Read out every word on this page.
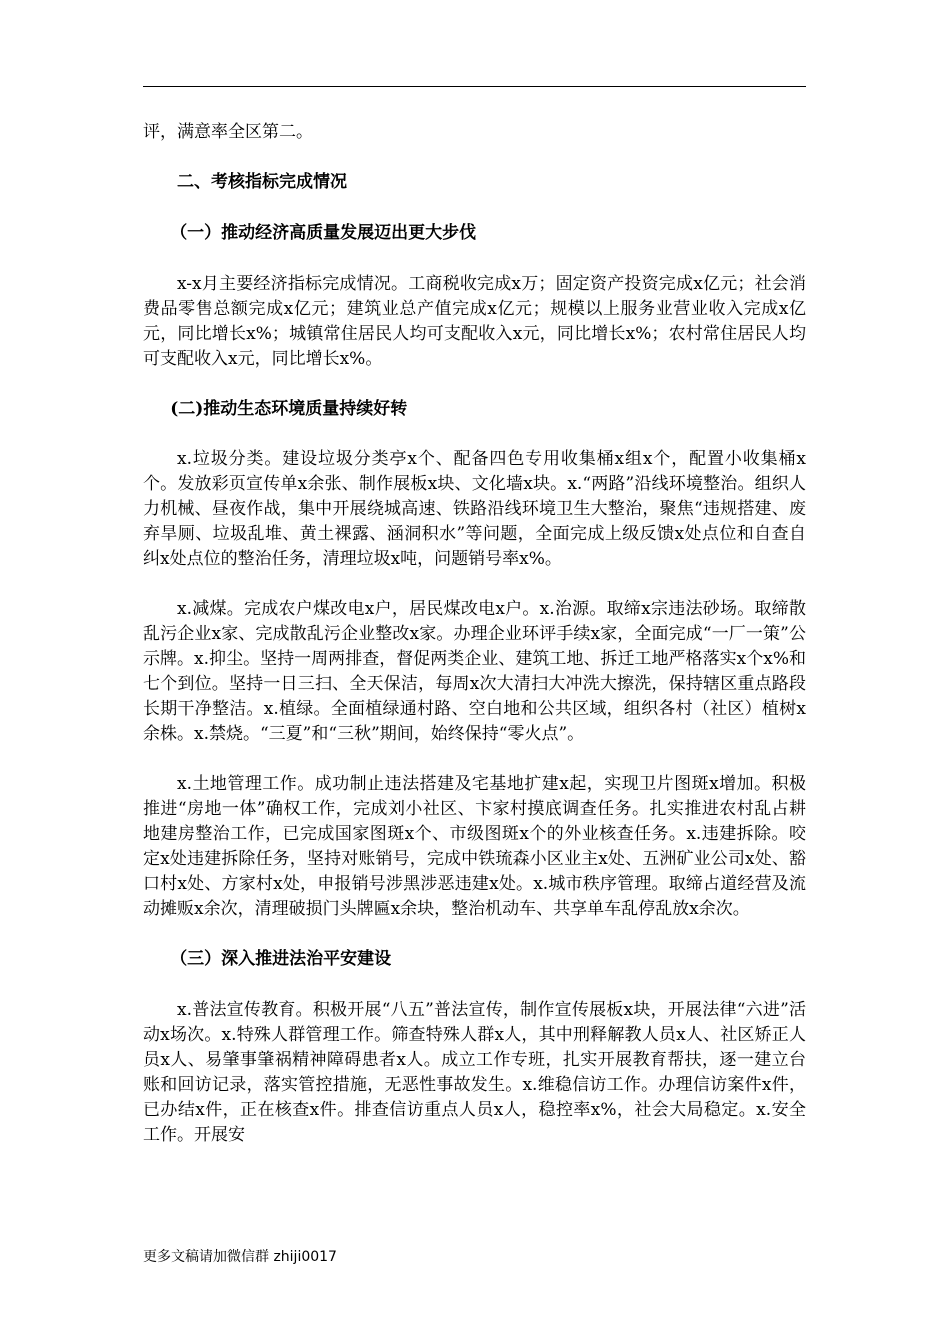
评，满意率全区第二。

二、考核指标完成情况

（一）推动经济高质量发展迈出更大步伐

x-x月主要经济指标完成情况。工商税收完成x万；固定资产投资完成x亿元；社会消费品零售总额完成x亿元；建筑业总产值完成x亿元；规模以上服务业营业收入完成x亿元，同比增长x%；城镇常住居民人均可支配收入x元，同比增长x%；农村常住居民人均可支配收入x元，同比增长x%。

(二)推动生态环境质量持续好转

x.垃圾分类。建设垃圾分类亭x个、配备四色专用收集桶x组x个，配置小收集桶x个。发放彩页宣传单x余张、制作展板x块、文化墙x块。x.“两路”沿线环境整治。组织人力机械、昼夜作战，集中开展绕城高速、铁路沿线环境卫生大整治，聚焦“违规搭建、废弃旱厕、垃圾乱堆、黄土裸露、涵洞积水”等问题，全面完成上级反馈x处点位和自查自纠x处点位的整治任务，清理垃圾x吨，问题销号率x%。

x.减煤。完成农户煤改电x户，居民煤改电x户。x.治源。取缔x宗违法砂场。取缔散乱污企业x家、完成散乱污企业整改x家。办理企业环评手续x家，全面完成“一厂一策”公示牌。x.抑尘。坚持一周两排查，督促两类企业、建筑工地、拆迁工地严格落实x个x%和七个到位。坚持一日三扫、全天保洁，每周x次大清扫大冲洗大擦洗，保持辖区重点路段长期干净整洁。x.植绿。全面植绿通村路、空白地和公共区域，组织各村（社区）植树x余株。x.禁烧。“三夏”和“三秋”期间，始终保持“零火点”。

x.土地管理工作。成功制止违法搭建及宅基地扩建x起，实现卫片图斑x增加。积极推进“房地一体”确权工作，完成刘小社区、卞家村摸底调查任务。扎实推进农村乱占耕地建房整治工作，已完成国家图斑x个、市级图斑x个的外业核查任务。x.违建拆除。咬定x处违建拆除任务，坚持对账销号，完成中铁琉森小区业主x处、五洲矿业公司x处、豁口村x处、方家村x处，申报销号涉黑涉恶违建x处。x.城市秩序管理。取缔占道经营及流动摊贩x余次，清理破损门头牌匾x余块，整治机动车、共享单车乱停乱放x余次。

（三）深入推进法治平安建设

x.普法宣传教育。积极开展“八五”普法宣传，制作宣传展板x块，开展法律“六进”活动x场次。x.特殊人群管理工作。筛查特殊人群x人，其中刑释解教人员x人、社区矫正人员x人、易肇事肇祸精神障碍患者x人。成立工作专班，扎实开展教育帮扶，逐一建立台账和回访记录，落实管控措施，无恶性事故发生。x.维稳信访工作。办理信访案件x件，已办结x件，正在核查x件。排查信访重点人员x人，稳控率x%，社会大局稳定。x.安全工作。开展安

更多文稿请加微信群 zhiji0017
